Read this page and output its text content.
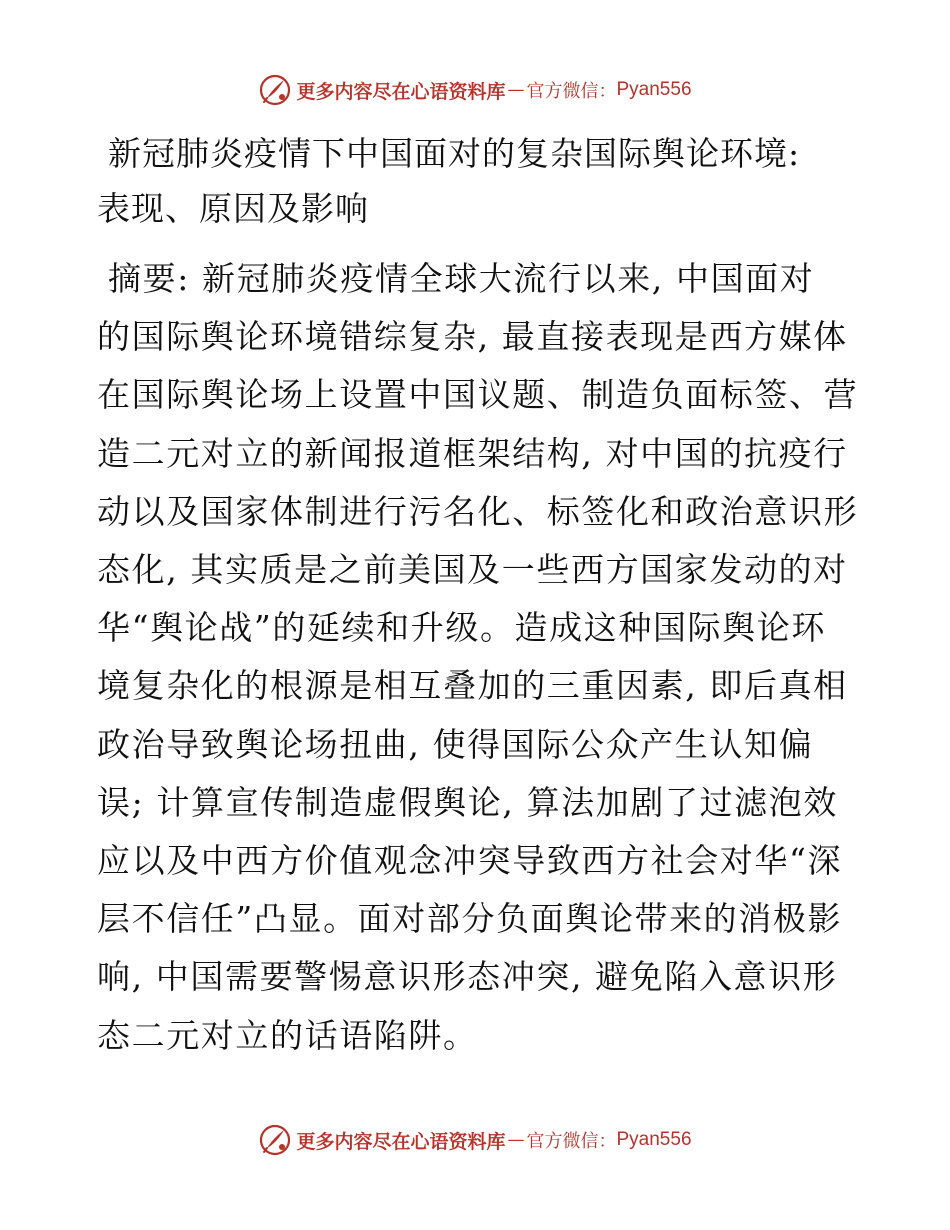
更多内容尽在心语资料库 — 官方微信： Pyan556
新冠肺炎疫情下中国面对的复杂国际舆论环境:
表现、原因及影响

摘要: 新冠肺炎疫情全球大流行以来, 中国面对
的国际舆论环境错综复杂, 最直接表现是西方媒体
在国际舆论场上设置中国议题、制造负面标签、营
造二元对立的新闻报道框架结构, 对中国的抗疫行
动以及国家体制进行污名化、标签化和政治意识形
态化, 其实质是之前美国及一些西方国家发动的对
华“舆论战”的延续和升级。造成这种国际舆论环
境复杂化的根源是相互叠加的三重因素, 即后真相
政治导致舆论场扭曲, 使得国际公众产生认知偏
误; 计算宣传制造虚假舆论, 算法加剧了过滤泡效
应以及中西方价值观念冲突导致西方社会对华“深
层不信任”凸显。面对部分负面舆论带来的消极影
响, 中国需要警惕意识形态冲突, 避免陷入意识形
态二元对立的话语陷阱。

更多内容尽在心语资料库 — 官方微信： Pyan556
